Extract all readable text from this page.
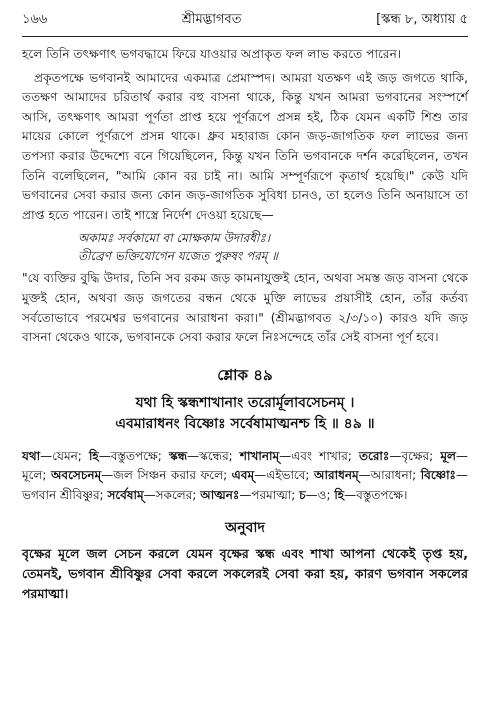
১৬৬	শ্রীমদ্ভাগবত	[স্কন্ধ ৮, অধ্যায় ৫

হলে তিনি তৎক্ষণাৎ ভগবদ্ধামে ফিরে যাওয়ার অপ্রাকৃত ফল লাভ করতে পারেন।

প্রকৃতপক্ষে ভগবানই আমাদের একমাত্র প্রেমাস্পদ। আমরা যতক্ষণ এই জড় জগতে থাকি, ততক্ষণ আমাদের চরিতার্থ করার বহু বাসনা থাকে, কিন্তু যখন আমরা ভগবানের সংস্পর্শে আসি, তৎক্ষণাৎ আমরা পূর্ণতা প্রাপ্ত হয়ে পূর্ণরূপে প্রসন্ন হই, ঠিক যেমন একটি শিশু তার মায়ের কোলে পূর্ণরূপে প্রসন্ন থাকে। ধ্রুব মহারাজ কোন জড়-জাগতিক ফল লাভের জন্য তপস্যা করার উদ্দেশ্যে বনে গিয়েছিলেন, কিন্তু যখন তিনি ভগবানকে দর্শন করেছিলেন, তখন তিনি বলেছিলেন, "আমি কোন বর চাই না। আমি সম্পূর্ণরূপে কৃতার্থ হয়েছি।" কেউ যদি ভগবানের সেবা করার জন্য কোন জড়-জাগতিক সুবিধা চানও, তা হলেও তিনি অনায়াসে তা প্রাপ্ত হতে পারেন। তাই শাস্ত্রে নির্দেশ দেওয়া হয়েছে—

অকামঃ সর্বকামো বা মোক্ষকাম উদারধীঃ।
তীব্রেণ ভক্তিযোগেন যজেত পুরুষং পরম্ ॥

"যে ব্যক্তির বুদ্ধি উদার, তিনি সব রকম জড় কামনাযুক্তই হোন, অথবা সমস্ত জড় বাসনা থেকে মুক্তই হোন, অথবা জড় জগতের বন্ধন থেকে মুক্তি লাভের প্রয়াসীই হোন, তাঁর কর্তব্য সর্বতোভাবে পরমেশ্বর ভগবানের আরাধনা করা।" (শ্রীমদ্ভাগবত ২/৩/১০) কারও যদি জড় বাসনা থেকেও থাকে, ভগবানকে সেবা করার ফলে নিঃসন্দেহে তাঁর সেই বাসনা পূর্ণ হবে।

শ্লোক ৪৯
যথা হি স্কন্ধশাখানাং তরোর্মূলাবসেচনম্ ।
এবমারাধনং বিষ্ণোঃ সর্বেষামাত্মনশ্চ হি ॥ ৪৯ ॥
যথা—যেমন; হি—বস্তুতপক্ষে; স্কন্ধ—স্কন্ধের; শাখানাম্—এবং শাখার; তরোঃ—বৃক্ষের; মূল—মূলে; অবসেচনম্—জল সিঞ্চন করার ফলে; এবম্—এইভাবে; আরাধনম্—আরাধনা; বিষ্ণোঃ—ভগবান শ্রীবিষ্ণুর; সর্বেষাম্—সকলের; আত্মনঃ—পরমাত্মা; চ—ও; হি—বস্তুতপক্ষে।
অনুবাদ

বৃক্ষের মূলে জল সেচন করলে যেমন বৃক্ষের স্কন্ধ এবং শাখা আপনা থেকেই তৃপ্ত হয়, তেমনই, ভগবান শ্রীবিষ্ণুর সেবা করলে সকলেরই সেবা করা হয়, কারণ ভগবান সকলের পরমাত্মা।
